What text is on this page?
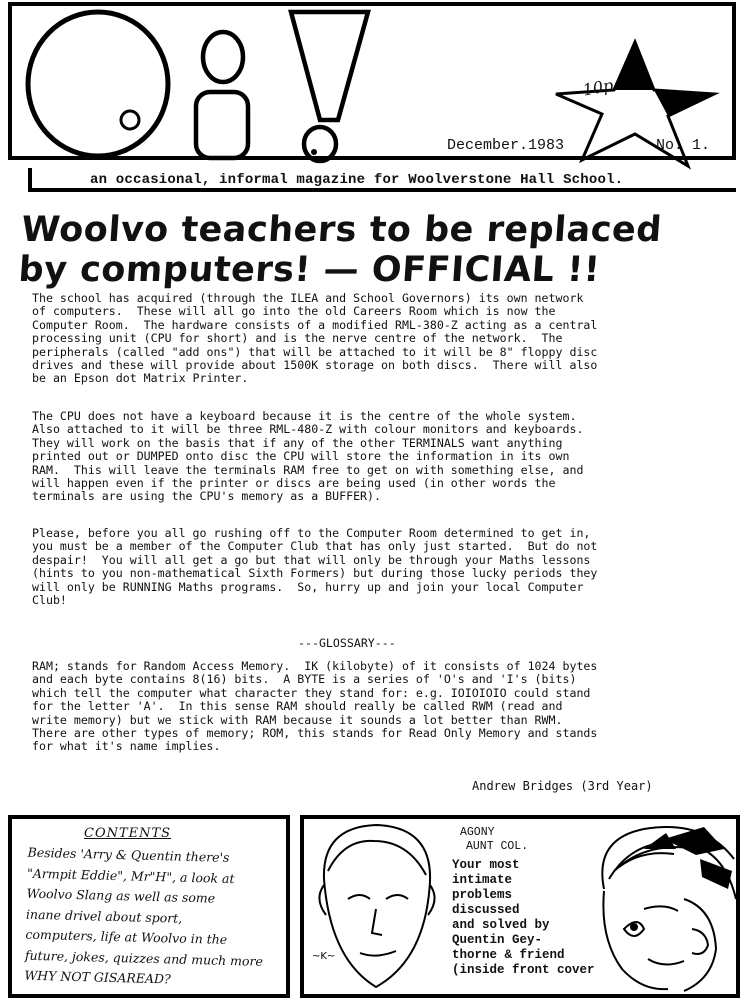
10p
December.1983	No. 1.
an occasional, informal magazine for Woolverstone Hall School.
Woolvo teachers to be replaced
by computers! — OFFICIAL !!
The school has acquired (through the ILEA and School Governors) its own network
of computers.  These will all go into the old Careers Room which is now the
Computer Room.  The hardware consists of a modified RML-380-Z acting as a central
processing unit (CPU for short) and is the nerve centre of the network.  The
peripherals (called "add ons") that will be attached to it will be 8" floppy disc
drives and these will provide about 1500K storage on both discs.  There will also
be an Epson dot Matrix Printer.
The CPU does not have a keyboard because it is the centre of the whole system.
Also attached to it will be three RML-480-Z with colour monitors and keyboards.
They will work on the basis that if any of the other TERMINALS want anything
printed out or DUMPED onto disc the CPU will store the information in its own
RAM.  This will leave the terminals RAM free to get on with something else, and
will happen even if the printer or discs are being used (in other words the
terminals are using the CPU's memory as a BUFFER).
Please, before you all go rushing off to the Computer Room determined to get in,
you must be a member of the Computer Club that has only just started.  But do not
despair!  You will all get a go but that will only be through your Maths lessons
(hints to you non-mathematical Sixth Formers) but during those lucky periods they
will only be RUNNING Maths programs.  So, hurry up and join your local Computer
Club!
---GLOSSARY---
RAM; stands for Random Access Memory.  IK (kilobyte) of it consists of 1024 bytes
and each byte contains 8(16) bits.  A BYTE is a series of 'O's and 'I's (bits)
which tell the computer what character they stand for: e.g. IOIOIOIO could stand
for the letter 'A'.  In this sense RAM should really be called RWM (read and
write memory) but we stick with RAM because it sounds a lot better than RWM.
There are other types of memory; ROM, this stands for Read Only Memory and stands
for what it's name implies.
Andrew Bridges (3rd Year)
CONTENTS
Besides 'Arry & Quentin there's
"Armpit Eddie", Mr"H", a look at
Woolvo Slang as well as some
inane drivel about sport,
computers, life at Woolvo in the
future, jokes, quizzes and much more
WHY NOT GISAREAD?
~K~
AGONY
AUNT COL.
Your most
intimate
problems
discussed
and solved by
Quentin Gey-
thorne & friend
(inside front cover
